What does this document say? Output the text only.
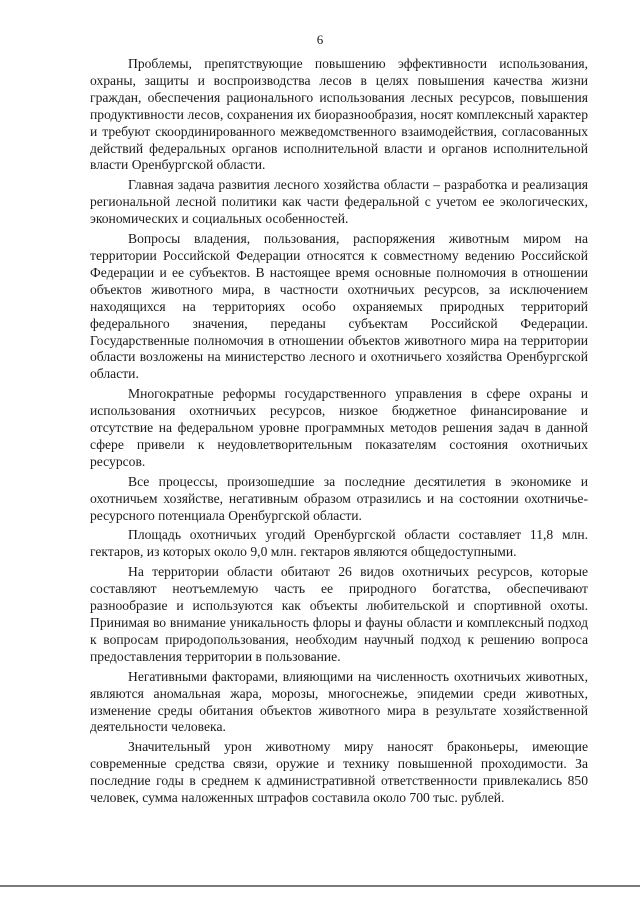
6

Проблемы, препятствующие повышению эффективности использования, охраны, защиты и воспроизводства лесов в целях повышения качества жизни граждан, обеспечения рационального использования лесных ресурсов, повышения продуктивности лесов, сохранения их биоразнообразия, носят комплексный характер и требуют скоординированного межведомственного взаимодействия, согласованных действий федеральных органов исполнительной власти и органов исполнительной власти Оренбургской области.

Главная задача развития лесного хозяйства области – разработка и реализация региональной лесной политики как части федеральной с учетом ее экологических, экономических и социальных особенностей.

Вопросы владения, пользования, распоряжения животным миром на территории Российской Федерации относятся к совместному ведению Российской Федерации и ее субъектов. В настоящее время основные полномочия в отношении объектов животного мира, в частности охотничьих ресурсов, за исключением находящихся на территориях особо охраняемых природных территорий федерального значения, переданы субъектам Российской Федерации. Государственные полномочия в отношении объектов животного мира на территории области возложены на министерство лесного и охотничьего хозяйства Оренбургской области.

Многократные реформы государственного управления в сфере охраны и использования охотничьих ресурсов, низкое бюджетное финансирование и отсутствие на федеральном уровне программных методов решения задач в данной сфере привели к неудовлетворительным показателям состояния охотничьих ресурсов.

Все процессы, произошедшие за последние десятилетия в экономике и охотничьем хозяйстве, негативным образом отразились и на состоянии охотничье-ресурсного потенциала Оренбургской области.

Площадь охотничьих угодий Оренбургской области составляет 11,8 млн. гектаров, из которых около 9,0 млн. гектаров являются общедоступными.

На территории области обитают 26 видов охотничьих ресурсов, которые составляют неотъемлемую часть ее природного богатства, обеспечивают разнообразие и используются как объекты любительской и спортивной охоты. Принимая во внимание уникальность флоры и фауны области и комплексный подход к вопросам природопользования, необходим научный подход к решению вопроса предоставления территории в пользование.

Негативными факторами, влияющими на численность охотничьих животных, являются аномальная жара, морозы, многоснежье, эпидемии среди животных, изменение среды обитания объектов животного мира в результате хозяйственной деятельности человека.

Значительный урон животному миру наносят браконьеры, имеющие современные средства связи, оружие и технику повышенной проходимости. За последние годы в среднем к административной ответственности привлекались 850 человек, сумма наложенных штрафов составила около 700 тыс. рублей.
